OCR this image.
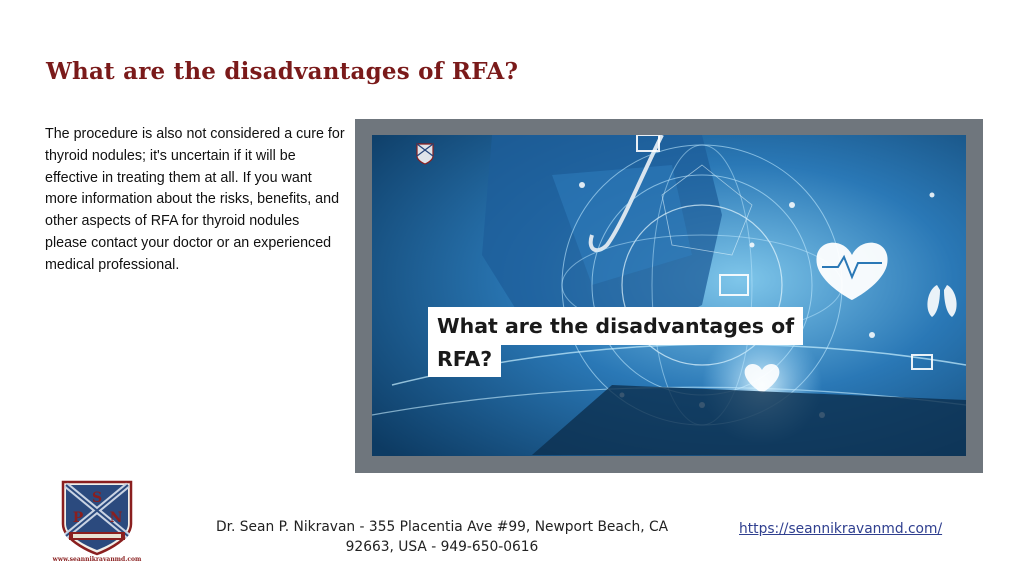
What are the disadvantages of RFA?

The procedure is also not considered a cure for thyroid nodules; it's uncertain if it will be effective in treating them at all. If you want more information about the risks, benefits, and other aspects of RFA for thyroid nodules please contact your doctor or an experienced medical professional.

What are the disadvantages of
RFA?
S
P N
www.seannikravanmd.com

Dr. Sean P. Nikravan - 355 Placentia Ave #99, Newport Beach, CA
92663, USA - 949-650-0616

https://seannikravanmd.com/
